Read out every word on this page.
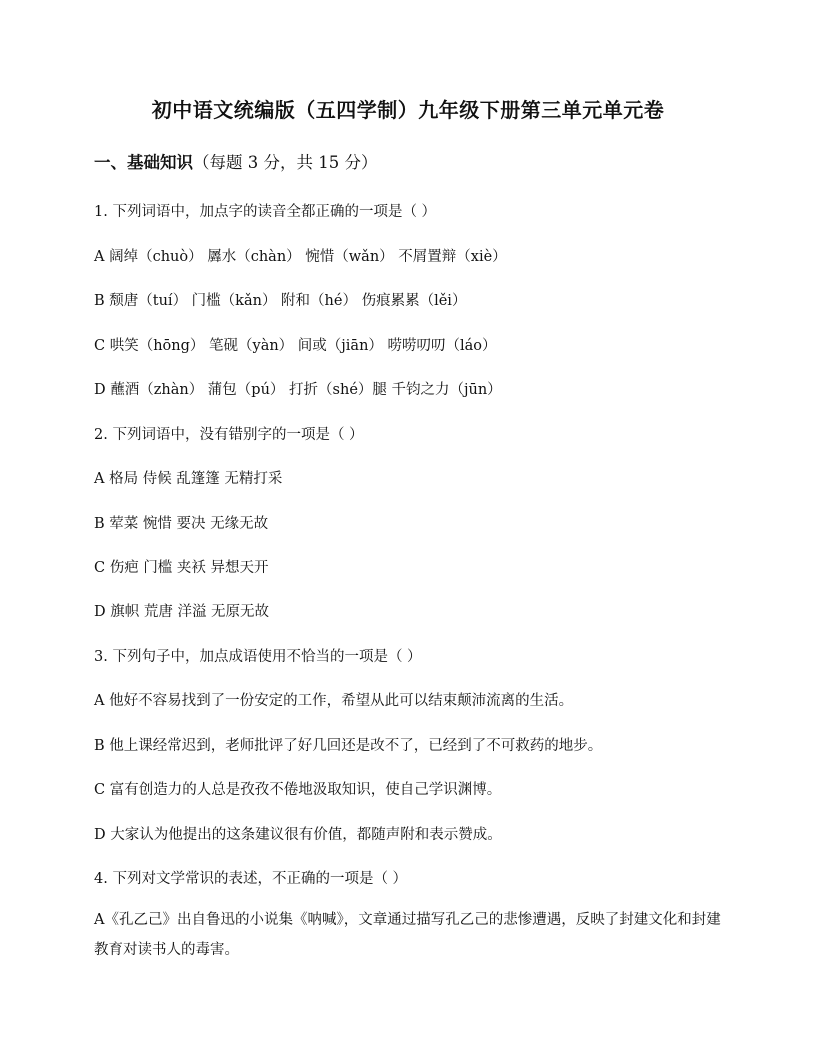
初中语文统编版（五四学制）九年级下册第三单元单元卷
一、基础知识（每题 3 分，共 15 分）
1. 下列词语中，加点字的读音全都正确的一项是（ ）
A 阔绰（chuò） 羼水（chàn） 惋惜（wǎn） 不屑置辩（xiè）
B 颓唐（tuí） 门槛（kǎn） 附和（hé） 伤痕累累（lěi）
C 哄笑（hōng） 笔砚（yàn） 间或（jiān） 唠唠叨叨（láo）
D 蘸酒（zhàn） 蒲包（pú） 打折（shé）腿 千钧之力（jūn）
2. 下列词语中，没有错别字的一项是（ ）
A 格局 侍候 乱篷篷 无精打采
B 荤菜 惋惜 要决 无缘无故
C 伤疤 门槛 夹袄 异想天开
D 旗帜 荒唐 洋溢 无原无故
3. 下列句子中，加点成语使用不恰当的一项是（ ）
A 他好不容易找到了一份安定的工作，希望从此可以结束颠沛流离的生活。
B 他上课经常迟到，老师批评了好几回还是改不了，已经到了不可救药的地步。
C 富有创造力的人总是孜孜不倦地汲取知识，使自己学识渊博。
D 大家认为他提出的这条建议很有价值，都随声附和表示赞成。
4. 下列对文学常识的表述，不正确的一项是（ ）
A《孔乙己》出自鲁迅的小说集《呐喊》，文章通过描写孔乙己的悲惨遭遇，反映了封建文化和封建教育对读书人的毒害。
